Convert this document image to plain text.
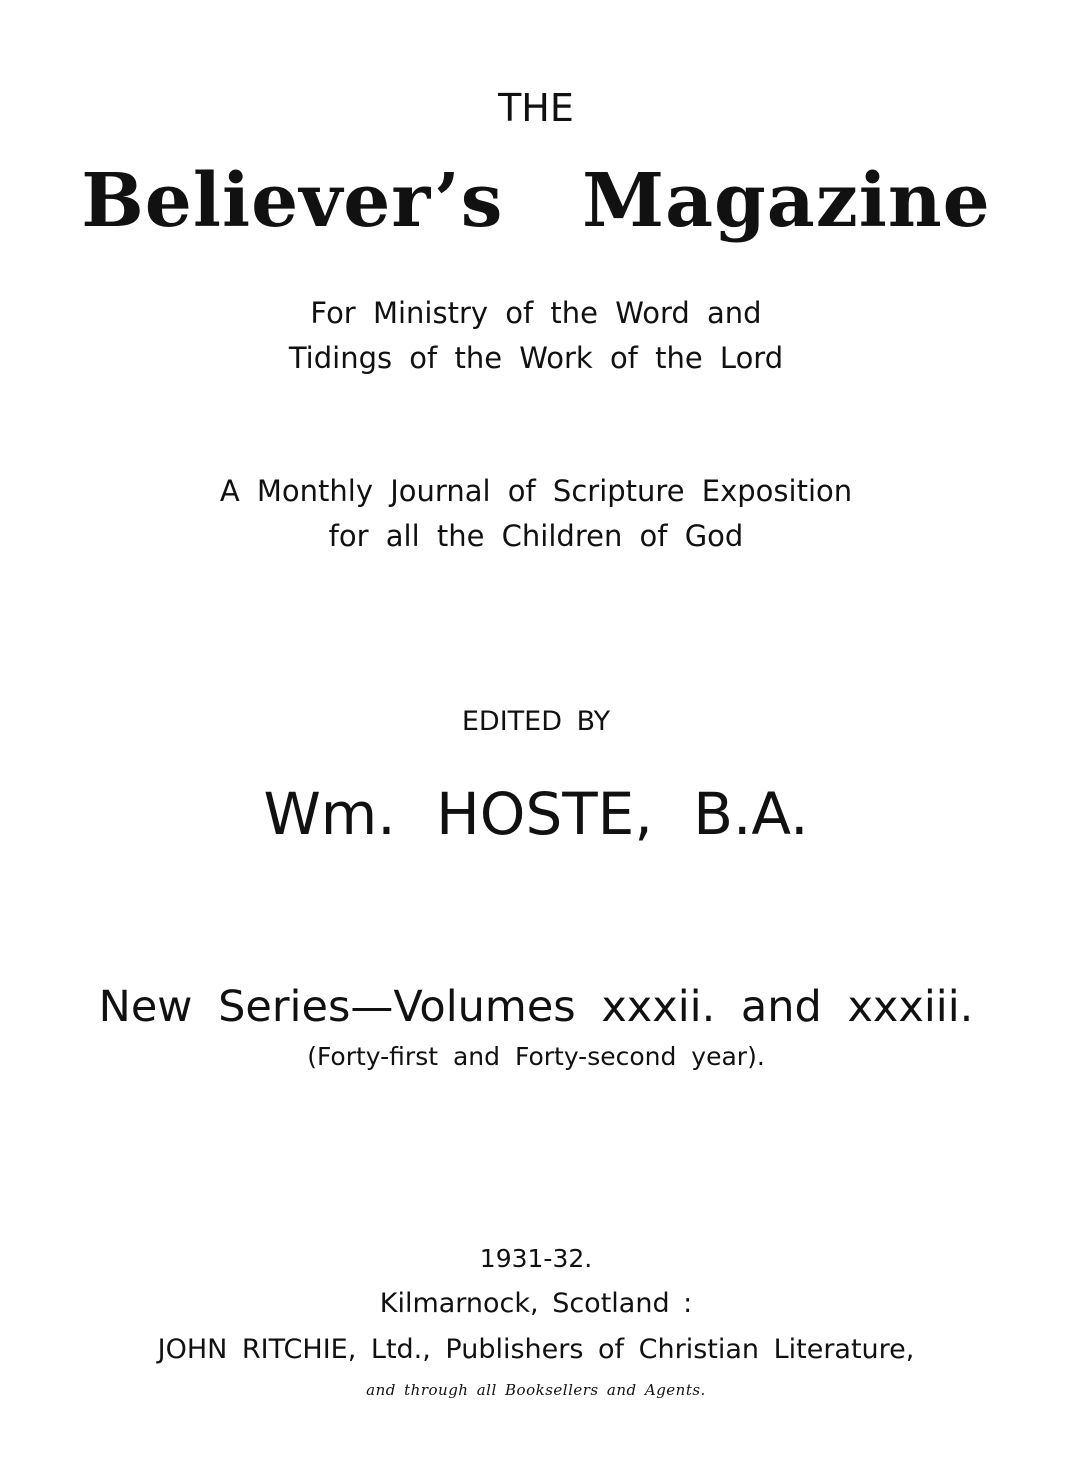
THE
Believer’s Magazine
For Ministry of the Word and
Tidings of the Work of the Lord
A Monthly Journal of Scripture Exposition
for all the Children of God
EDITED BY
Wm. HOSTE, B.A.
New Series—Volumes xxxii. and xxxiii.
(Forty-first and Forty-second year).
1931-32.
Kilmarnock, Scotland :
JOHN RITCHIE, Ltd., Publishers of Christian Literature,
and through all Booksellers and Agents.
